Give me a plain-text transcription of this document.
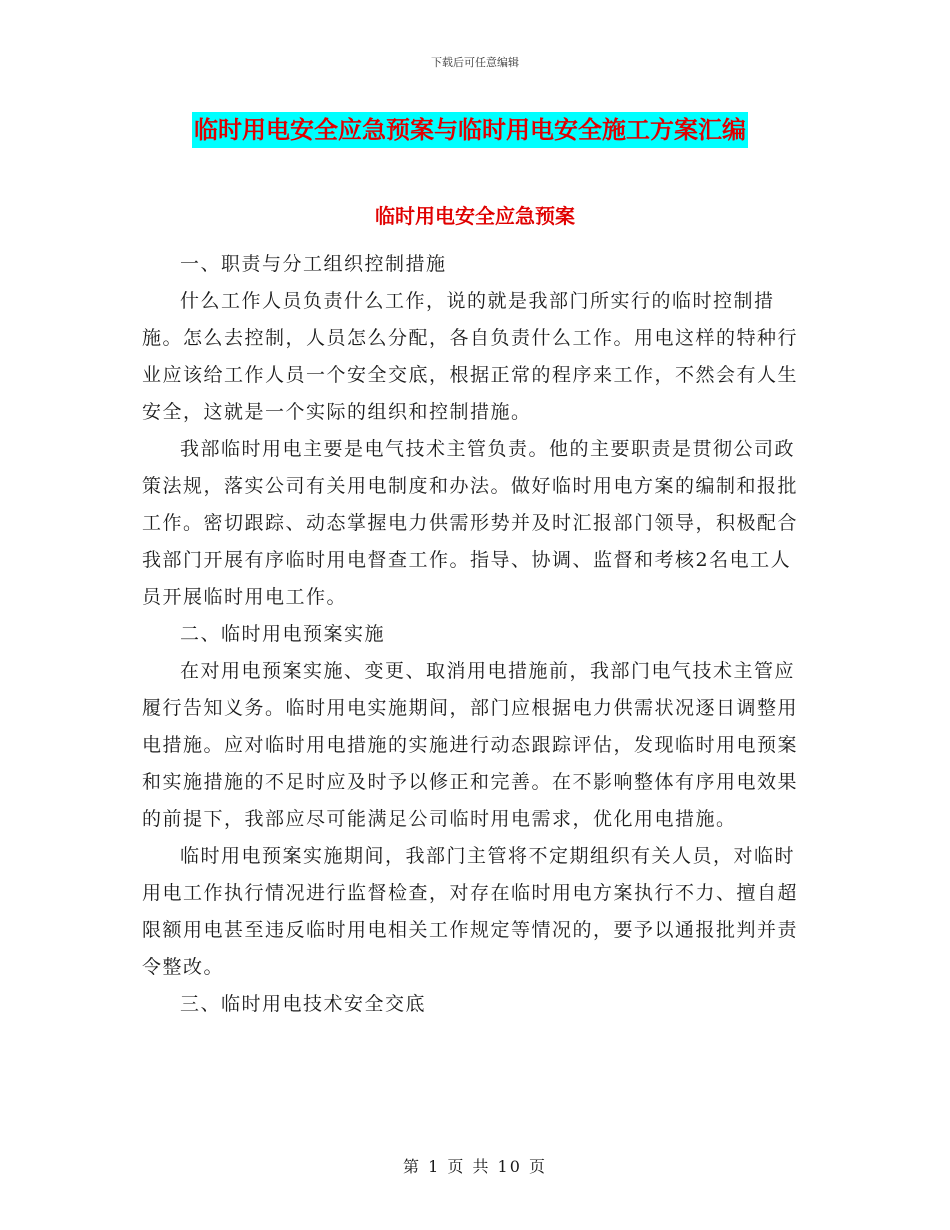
下载后可任意编辑
临时用电安全应急预案与临时用电安全施工方案汇编
临时用电安全应急预案

一、职责与分工组织控制措施

什么工作人员负责什么工作，说的就是我部门所实行的临时控制措施。怎么去控制，人员怎么分配，各自负责什么工作。用电这样的特种行业应该给工作人员一个安全交底，根据正常的程序来工作，不然会有人生安全，这就是一个实际的组织和控制措施。

我部临时用电主要是电气技术主管负责。他的主要职责是贯彻公司政策法规，落实公司有关用电制度和办法。做好临时用电方案的编制和报批工作。密切跟踪、动态掌握电力供需形势并及时汇报部门领导，积极配合我部门开展有序临时用电督查工作。指导、协调、监督和考核2名电工人员开展临时用电工作。

二、临时用电预案实施

在对用电预案实施、变更、取消用电措施前，我部门电气技术主管应履行告知义务。临时用电实施期间，部门应根据电力供需状况逐日调整用电措施。应对临时用电措施的实施进行动态跟踪评估，发现临时用电预案和实施措施的不足时应及时予以修正和完善。在不影响整体有序用电效果的前提下，我部应尽可能满足公司临时用电需求，优化用电措施。

临时用电预案实施期间，我部门主管将不定期组织有关人员，对临时用电工作执行情况进行监督检查，对存在临时用电方案执行不力、擅自超限额用电甚至违反临时用电相关工作规定等情况的，要予以通报批判并责令整改。

三、临时用电技术安全交底

第 1 页 共 10 页
